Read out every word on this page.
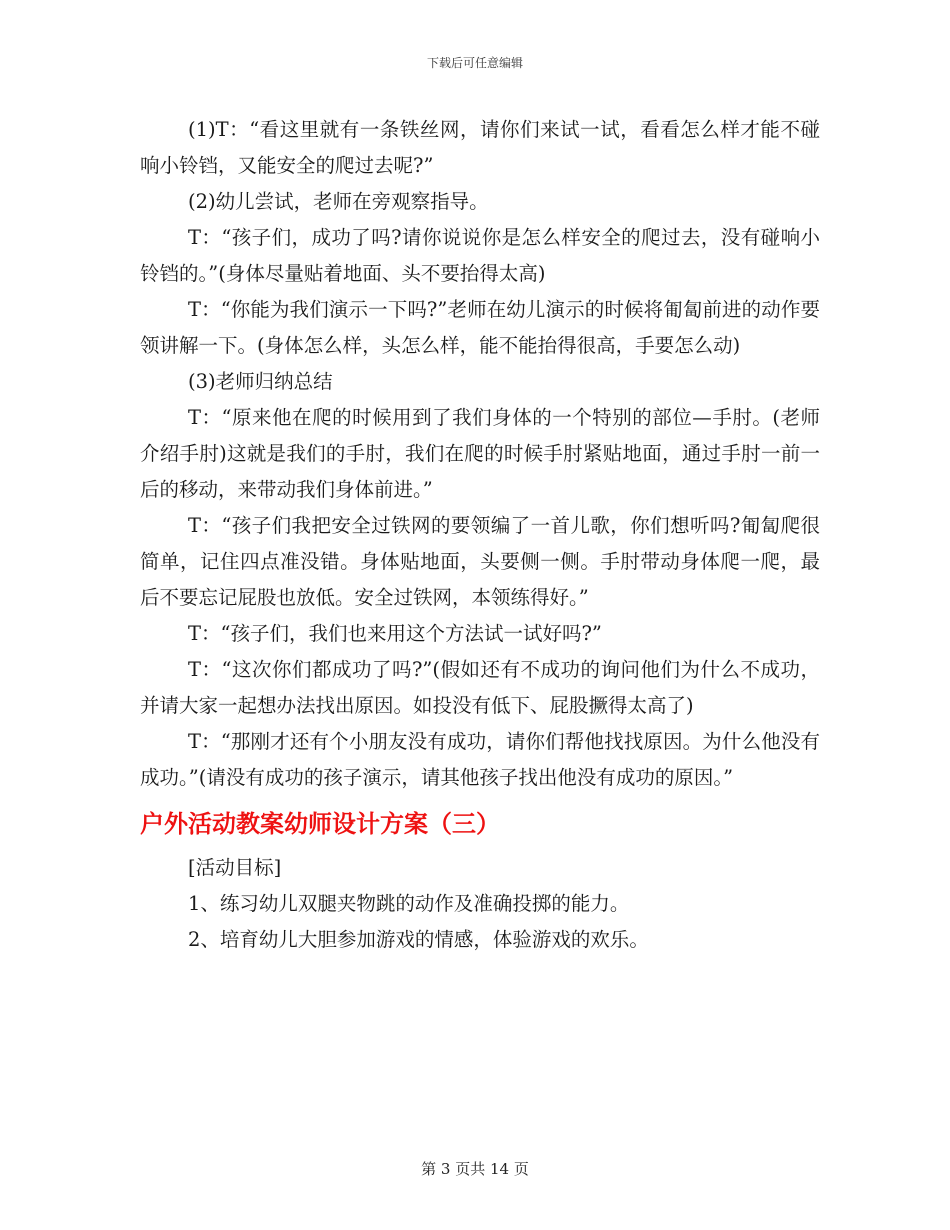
下载后可任意编辑

(1)T：“看这里就有一条铁丝网，请你们来试一试，看看怎么样才能不碰响小铃铛，又能安全的爬过去呢?”

(2)幼儿尝试，老师在旁观察指导。

T：“孩子们，成功了吗?请你说说你是怎么样安全的爬过去，没有碰响小铃铛的。”(身体尽量贴着地面、头不要抬得太高)

T：“你能为我们演示一下吗?”老师在幼儿演示的时候将匍匐前进的动作要领讲解一下。(身体怎么样，头怎么样，能不能抬得很高，手要怎么动)

(3)老师归纳总结

T：“原来他在爬的时候用到了我们身体的一个特别的部位—手肘。(老师介绍手肘)这就是我们的手肘，我们在爬的时候手肘紧贴地面，通过手肘一前一后的移动，来带动我们身体前进。”

T：“孩子们我把安全过铁网的要领编了一首儿歌，你们想听吗?匍匐爬很简单，记住四点准没错。身体贴地面，头要侧一侧。手肘带动身体爬一爬，最后不要忘记屁股也放低。安全过铁网，本领练得好。”

T：“孩子们，我们也来用这个方法试一试好吗?”

T：“这次你们都成功了吗?”(假如还有不成功的询问他们为什么不成功，并请大家一起想办法找出原因。如投没有低下、屁股撅得太高了)

T：“那刚才还有个小朋友没有成功，请你们帮他找找原因。为什么他没有成功。”(请没有成功的孩子演示，请其他孩子找出他没有成功的原因。”

户外活动教案幼师设计方案（三）

[活动目标]

1、练习幼儿双腿夹物跳的动作及准确投掷的能力。

2、培育幼儿大胆参加游戏的情感，体验游戏的欢乐。

第 3 页共 14 页
